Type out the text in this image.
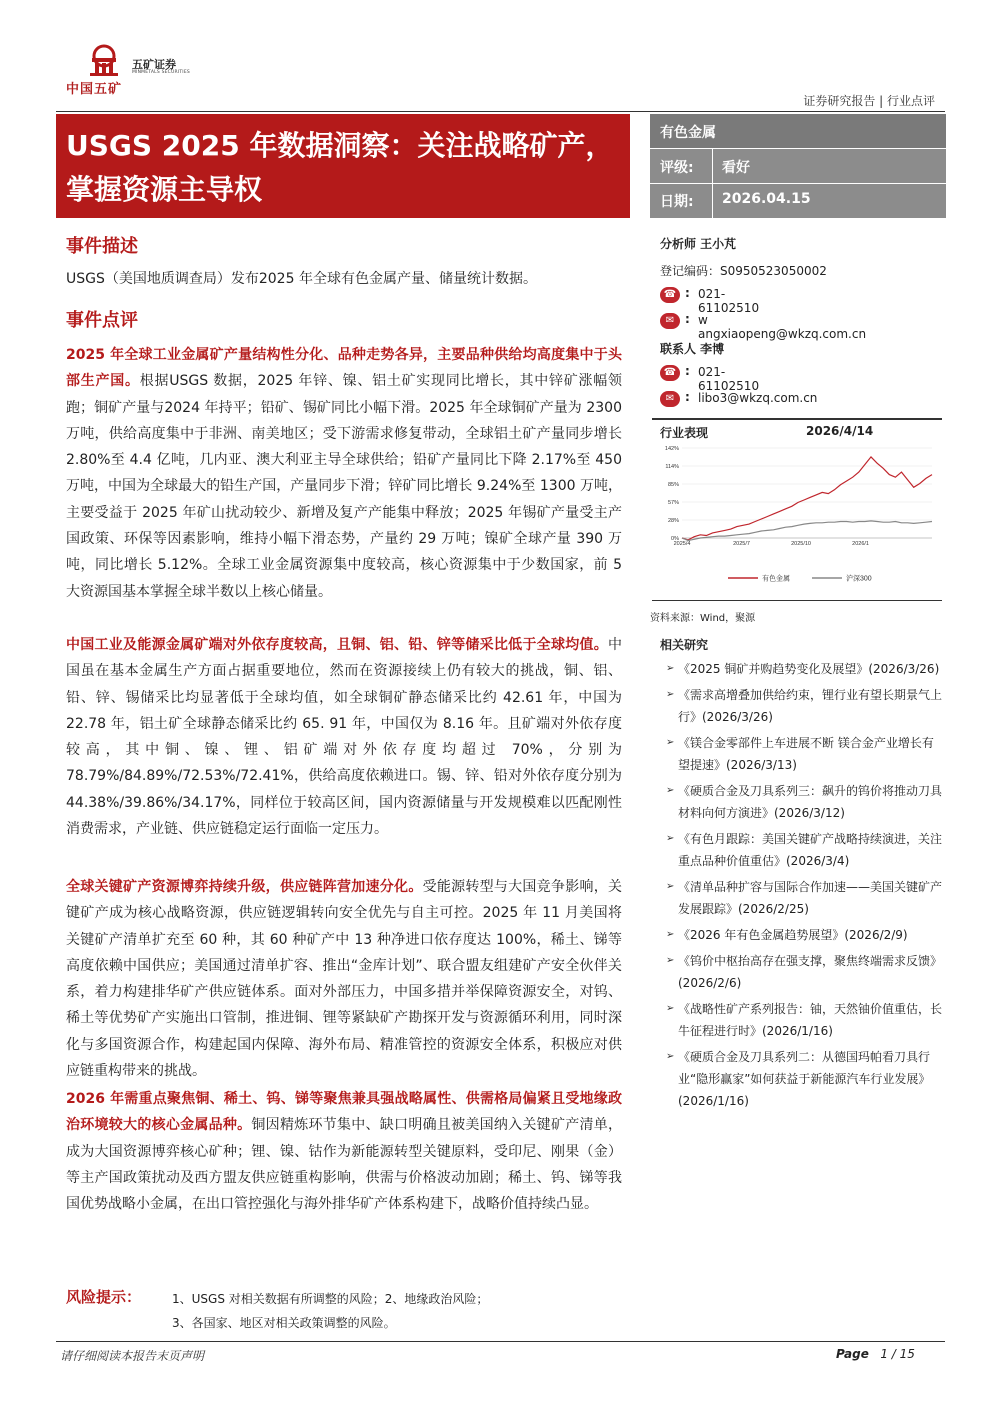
中国五矿
五矿证券
MINMETALS SECURITIES
证券研究报告 | 行业点评
USGS 2025 年数据洞察：关注战略矿产，掌握资源主导权
有色金属
评级: 看好
日期: 2026.04.15
事件描述
USGS（美国地质调查局）发布2025 年全球有色金属产量、储量统计数据。
事件点评
2025 年全球工业金属矿产量结构性分化、品种走势各异，主要品种供给均高度集中于头部生产国。根据USGS 数据，2025 年锌、镍、铝土矿实现同比增长，其中锌矿涨幅领跑；铜矿产量与2024 年持平；铅矿、锡矿同比小幅下滑。2025 年全球铜矿产量为 2300 万吨，供给高度集中于非洲、南美地区；受下游需求修复带动，全球铝土矿产量同步增长 2.80%至 4.4 亿吨，几内亚、澳大利亚主导全球供给；铅矿产量同比下降 2.17%至 450 万吨，中国为全球最大的铅生产国，产量同步下滑；锌矿同比增长 9.24%至 1300 万吨，主要受益于 2025 年矿山扰动较少、新增及复产产能集中释放；2025 年锡矿产量受主产国政策、环保等因素影响，维持小幅下滑态势，产量约 29 万吨；镍矿全球产量 390 万吨，同比增长 5.12%。全球工业金属资源集中度较高，核心资源集中于少数国家，前 5 大资源国基本掌握全球半数以上核心储量。
中国工业及能源金属矿端对外依存度较高，且铜、铝、铅、锌等储采比低于全球均值。中国虽在基本金属生产方面占据重要地位，然而在资源接续上仍有较大的挑战，铜、铝、铅、锌、锡储采比均显著低于全球均值，如全球铜矿静态储采比约 42.61 年，中国为 22.78 年，铝土矿全球静态储采比约 65. 91 年，中国仅为 8.16 年。且矿端对外依存度较高，其中铜、镍、锂、铝矿端对外依存度均超过 70%，分别为 78.79%/84.89%/72.53%/72.41%，供给高度依赖进口。锡、锌、铅对外依存度分别为 44.38%/39.86%/34.17%，同样位于较高区间，国内资源储量与开发规模难以匹配刚性消费需求，产业链、供应链稳定运行面临一定压力。
全球关键矿产资源博弈持续升级，供应链阵营加速分化。受能源转型与大国竞争影响，关键矿产成为核心战略资源，供应链逻辑转向安全优先与自主可控。2025 年 11 月美国将关键矿产清单扩充至 60 种，其 60 种矿产中 13 种净进口依存度达 100%，稀土、锑等高度依赖中国供应；美国通过清单扩容、推出“金库计划”、联合盟友组建矿产安全伙伴关系，着力构建排华矿产供应链体系。面对外部压力，中国多措并举保障资源安全，对钨、稀土等优势矿产实施出口管制，推进铜、锂等紧缺矿产勘探开发与资源循环利用，同时深化与多国资源合作，构建起国内保障、海外布局、精准管控的资源安全体系，积极应对供应链重构带来的挑战。
2026 年需重点聚焦铜、稀土、钨、锑等聚焦兼具强战略属性、供需格局偏紧且受地缘政治环境较大的核心金属品种。铜因精炼环节集中、缺口明确且被美国纳入关键矿产清单，成为大国资源博弈核心矿种；锂、镍、钴作为新能源转型关键原料，受印尼、刚果（金）等主产国政策扰动及西方盟友供应链重构影响，供需与价格波动加剧；稀土、钨、锑等我国优势战略小金属，在出口管控强化与海外排华矿产体系构建下，战略价值持续凸显。
风险提示：	1、USGS 对相关数据有所调整的风险；2、地缘政治风险；
3、各国家、地区对相关政策调整的风险。
分析师 王小芃
登记编码：S0950523050002
☎ : 021-61102510
✉ : w angxiaopeng@wkzq.com.cn
联系人 李博
☎ : 021-61102510
✉ : libo3@wkzq.com.cn
行业表现	2026/4/14
0%
28%
57%
85%
114%
142%
2025/4	2025/7	2025/10	2026/1
有色金属	沪深300
资料来源：Wind，聚源
相关研究
➢ 《2025 铜矿并购趋势变化及展望》(2026/3/26)
➢ 《需求高增叠加供给约束，锂行业有望长期景气上行》(2026/3/26)
➢ 《镁合金零部件上车进展不断 镁合金产业增长有望提速》(2026/3/13)
➢ 《硬质合金及刀具系列三：飙升的钨价将推动刀具材料向何方演进》(2026/3/12)
➢ 《有色月跟踪：美国关键矿产战略持续演进，关注重点品种价值重估》(2026/3/4)
➢ 《清单品种扩容与国际合作加速——美国关键矿产发展跟踪》(2026/2/25)
➢ 《2026 年有色金属趋势展望》(2026/2/9)
➢ 《钨价中枢抬高存在强支撑，聚焦终端需求反馈》(2026/2/6)
➢ 《战略性矿产系列报告：铀，天然铀价值重估，长牛征程进行时》(2026/1/16)
➢ 《硬质合金及刀具系列二：从德国玛帕看刀具行业“隐形赢家”如何获益于新能源汽车行业发展》(2026/1/16)
请仔细阅读本报告末页声明	Page 1 / 15
